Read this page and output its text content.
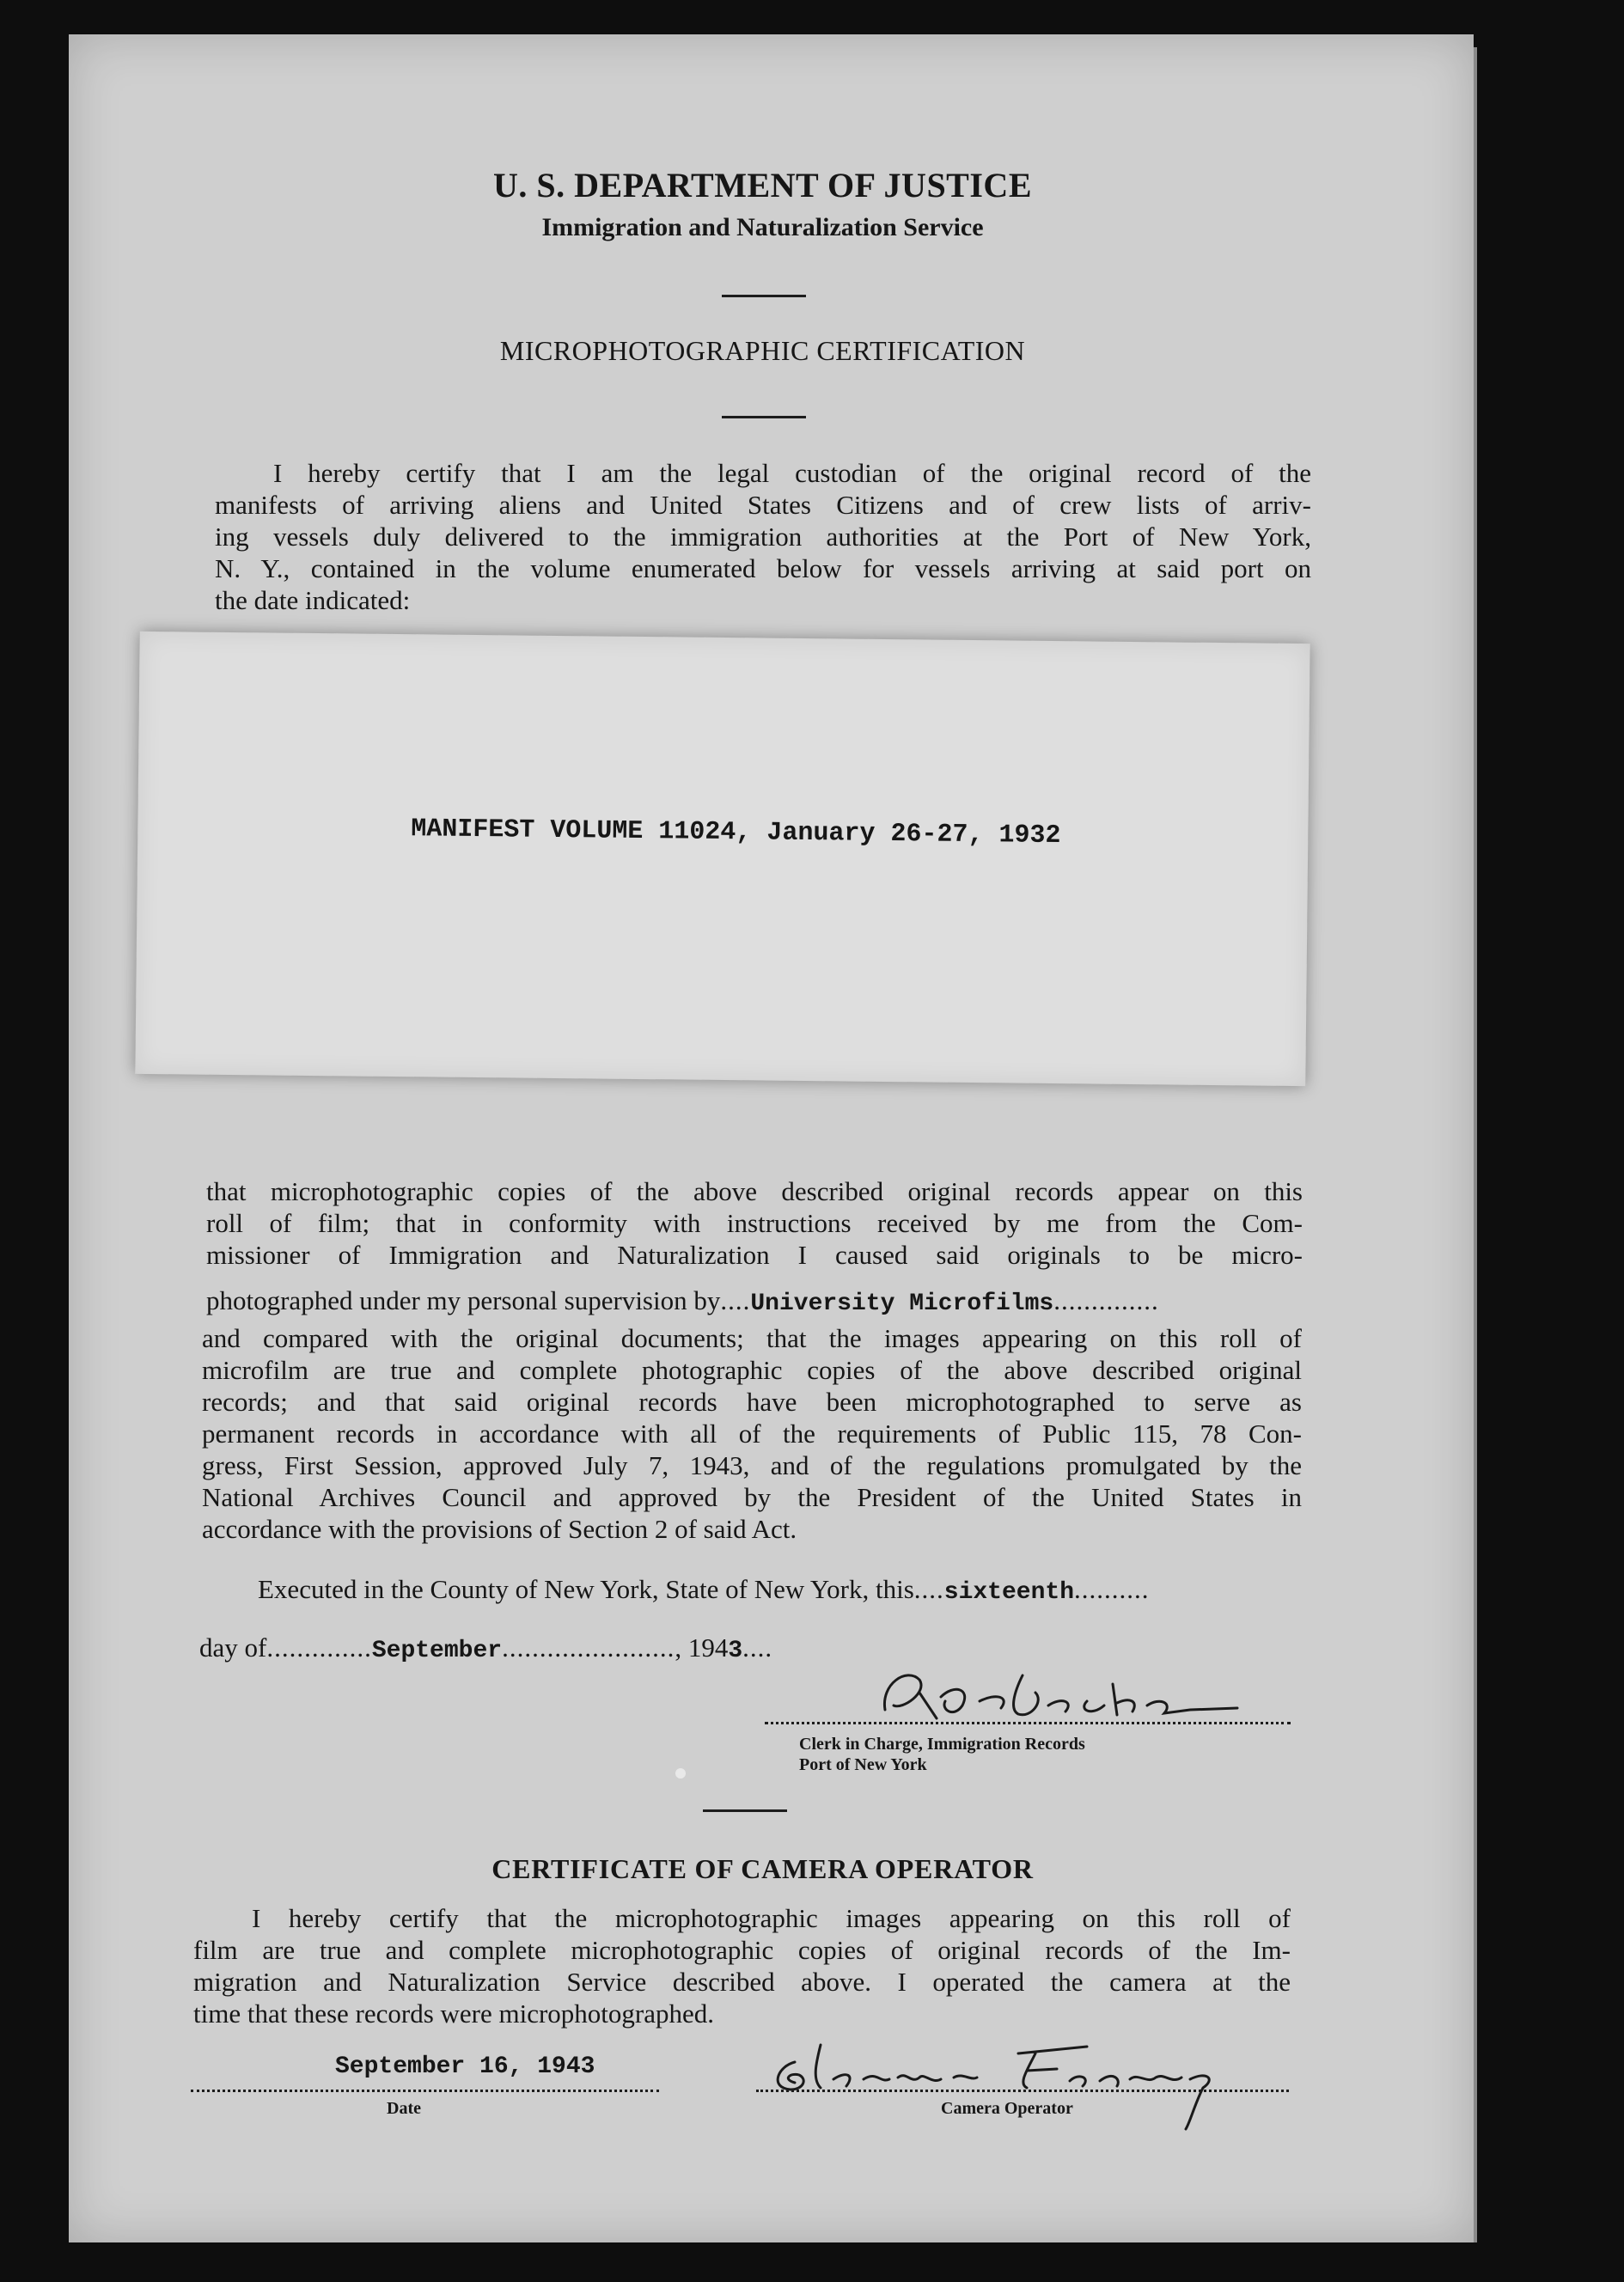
U. S. DEPARTMENT OF JUSTICE
Immigration and Naturalization Service
MICROPHOTOGRAPHIC CERTIFICATION
I hereby certify that I am the legal custodian of the original record of the
manifests of arriving aliens and United States Citizens and of crew lists of arriv-
ing vessels duly delivered to the immigration authorities at the Port of New York,
N. Y., contained in the volume enumerated below for vessels arriving at said port on
the date indicated:
MANIFEST VOLUME 11024, January 26-27, 1932
that microphotographic copies of the above described original records appear on this
roll of film; that in conformity with instructions received by me from the Com-
missioner of Immigration and Naturalization I caused said originals to be micro-
photographed under my personal supervision by....University Microfilms..............
and compared with the original documents; that the images appearing on this roll of
microfilm are true and complete photographic copies of the above described original
records; and that said original records have been microphotographed to serve as
permanent records in accordance with all of the requirements of Public 115, 78 Con-
gress, First Session, approved July 7, 1943, and of the regulations promulgated by the
National Archives Council and approved by the President of the United States in
accordance with the provisions of Section 2 of said Act.
Executed in the County of New York, State of New York, this....sixteenth..........
day of..............September......................., 1943....
Geo Becker
Clerk in Charge, Immigration Records
Port of New York
CERTIFICATE OF CAMERA OPERATOR
I hereby certify that the microphotographic images appearing on this roll of
film are true and complete microphotographic copies of original records of the Im-
migration and Naturalization Service described above. I operated the camera at the
time that these records were microphotographed.
September 16, 1943
Date
Eleanor Fearing
Camera Operator
